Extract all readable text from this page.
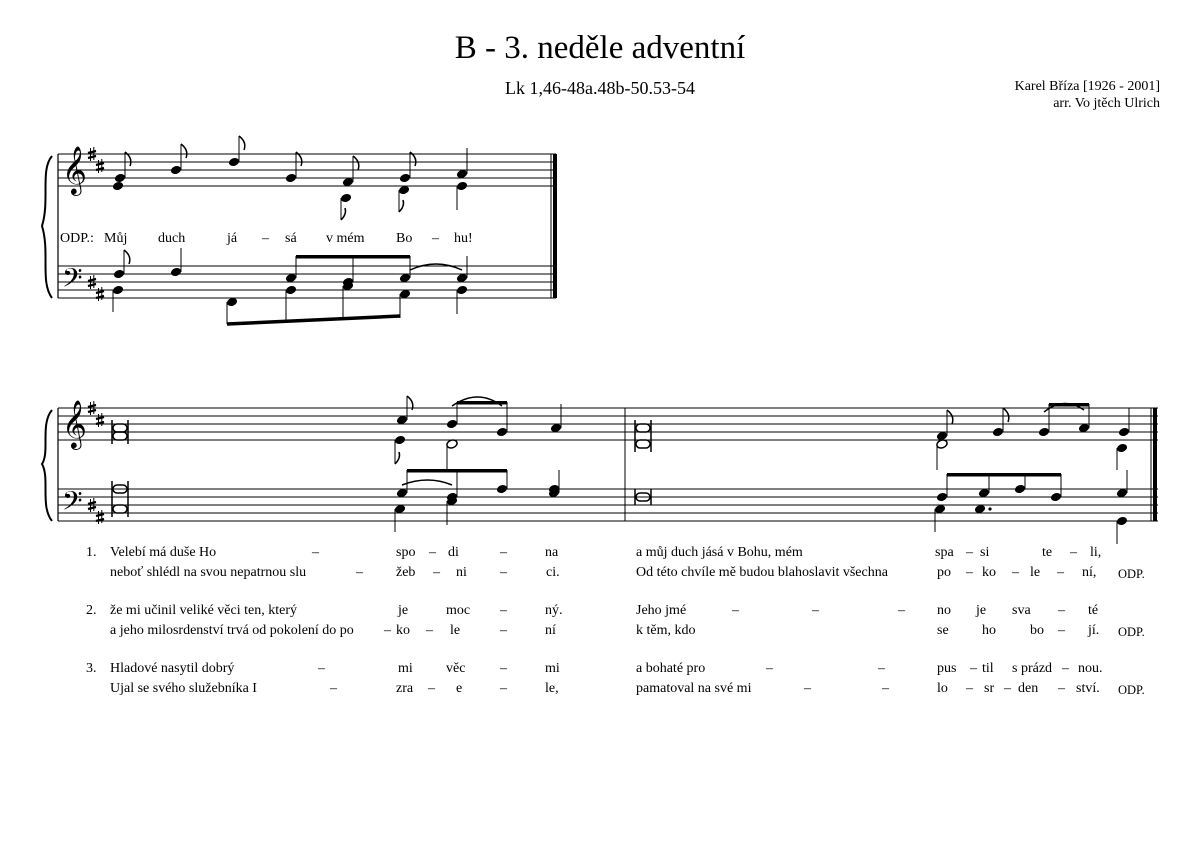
B - 3. neděle adventní
Lk 1,46-48a.48b-50.53-54	Karel Bříza [1926 - 2001]
arr. Vo jtěch Ulrich
𝄞
𝄢
𝄞
𝄢
ODP.: Můj duch	já – sá v mém Bo – hu!
1. Velebí má duše Ho	–	spo – di	–	na	a můj duch jásá v Bohu, mém	spa – si	te – li,
neboť shlédl na svou nepatrnou slu	– žeb – ni –	ci.	Od této chvíle mě budou blahoslavit všechna	po – ko – le – ní, ODP.
2. že mi učinil veliké věci ten, který	je	moc –	ný.	Jeho jmé	–	–	– no je sva – té
a jeho milosrdenství trvá od pokolení do po – ko – le	–	ní	k těm, kdo	se ho bo – jí. ODP.
3. Hladové nasytil dobrý	–	mi věc –	mi	a bohaté pro	–	–	pus – til s prázd – nou.
Ujal se svého služebníka I	–	zra – e	–	le,	pamatoval na své mi	–	–	lo – sr – den – ství. ODP.
